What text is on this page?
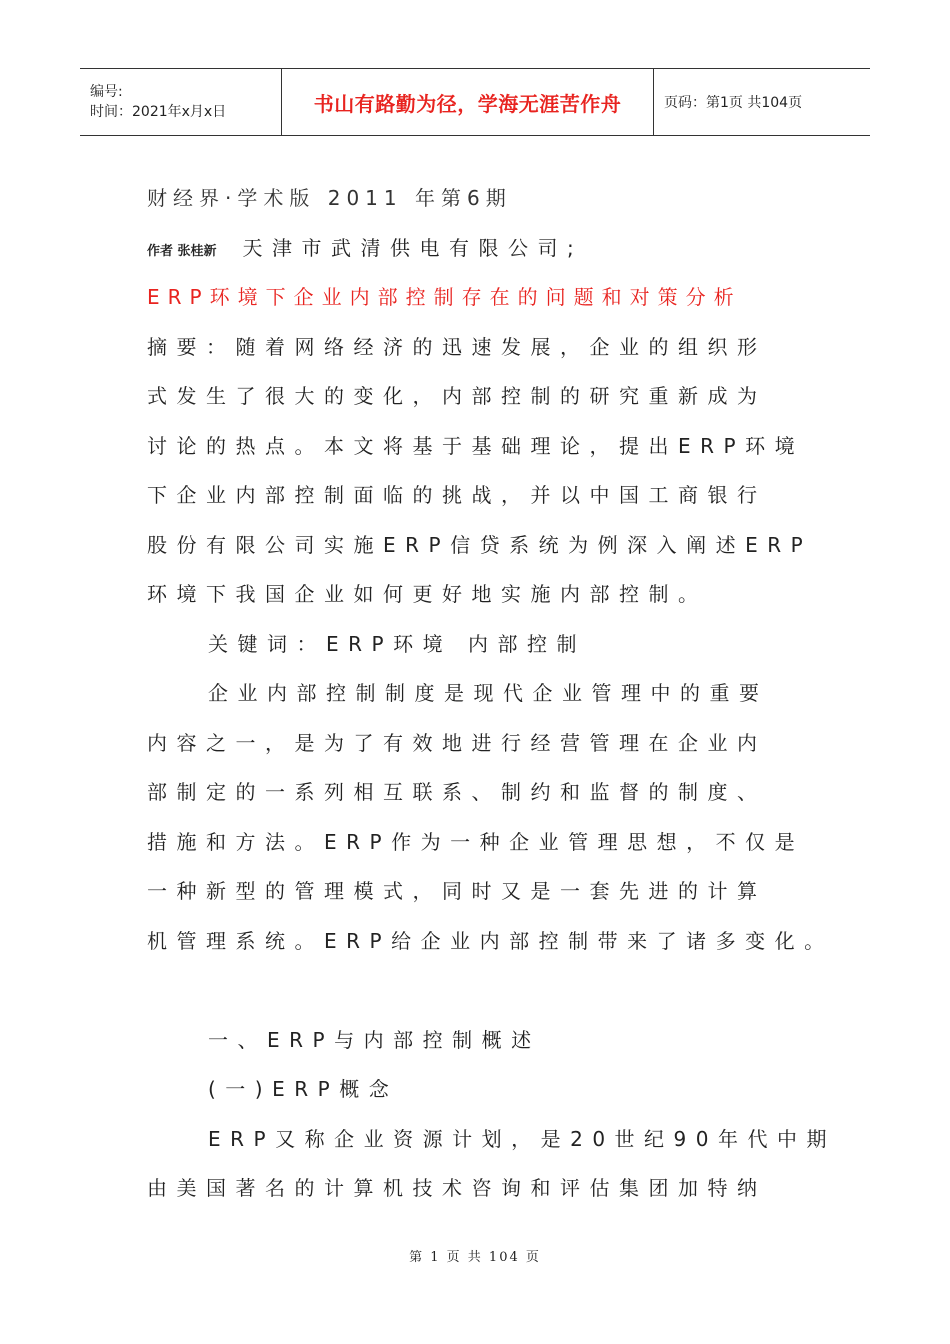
编号:
时间：2021年x月x日	书山有路勤为径，学海无涯苦作舟	页码：第1页 共104页
财经界·学术版 2011 年第6期
作者 张桂新 天津市武清供电有限公司;
ERP环境下企业内部控制存在的问题和对策分析
摘要：随着网络经济的迅速发展，企业的组织形
式发生了很大的变化，内部控制的研究重新成为
讨论的热点。本文将基于基础理论，提出ERP环境
下企业内部控制面临的挑战，并以中国工商银行
股份有限公司实施ERP信贷系统为例深入阐述ERP
环境下我国企业如何更好地实施内部控制。
关键词：ERP环境 内部控制
企业内部控制制度是现代企业管理中的重要
内容之一，是为了有效地进行经营管理在企业内
部制定的一系列相互联系、制约和监督的制度、
措施和方法。ERP作为一种企业管理思想，不仅是
一种新型的管理模式，同时又是一套先进的计算
机管理系统。ERP给企业内部控制带来了诸多变化。
一、ERP与内部控制概述
(一)ERP概念
ERP又称企业资源计划，是20世纪90年代中期
由美国著名的计算机技术咨询和评估集团加特纳
第 1 页 共 104 页
